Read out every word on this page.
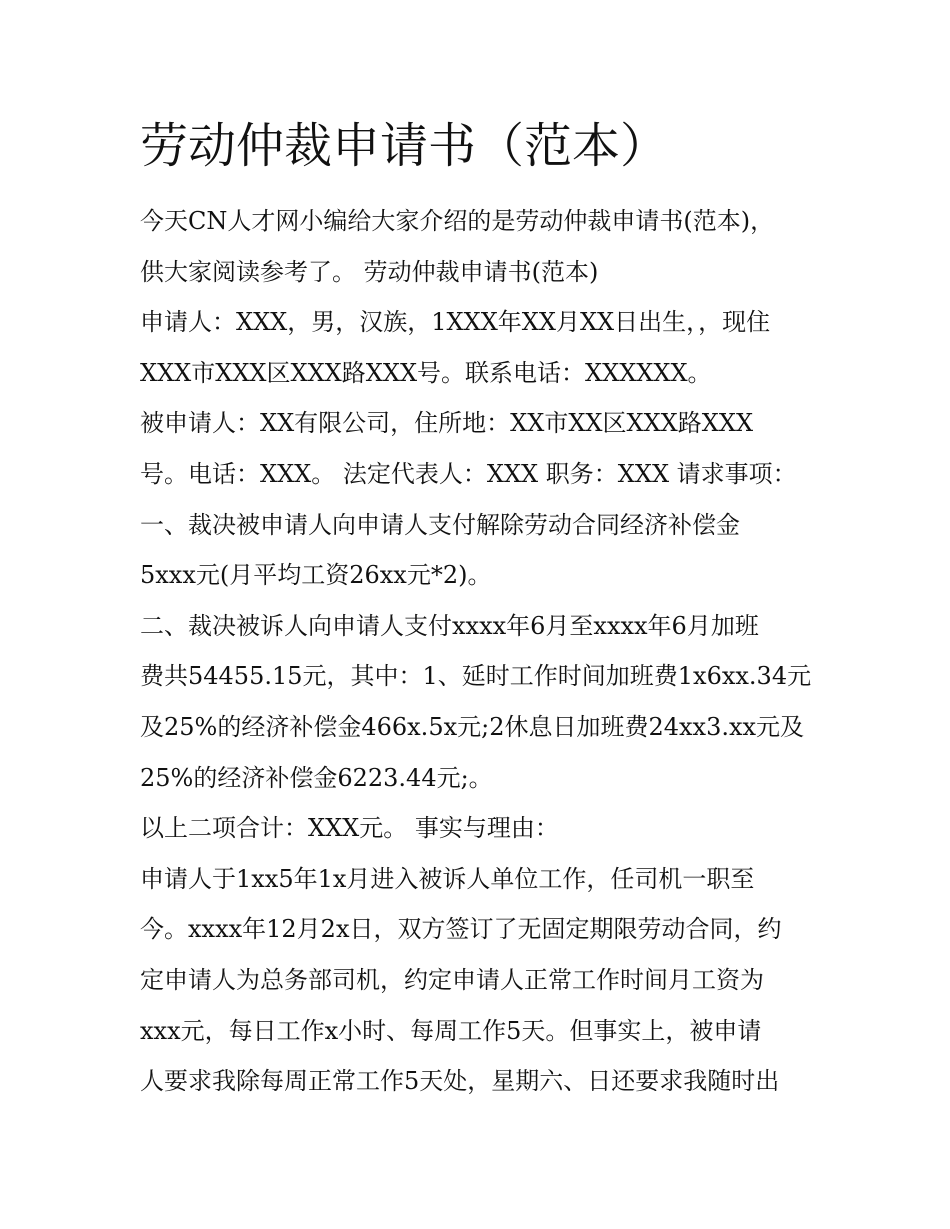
劳动仲裁申请书（范本）
今天CN人才网小编给大家介绍的是劳动仲裁申请书(范本)，
供大家阅读参考了。 劳动仲裁申请书(范本)
申请人：XXX，男，汉族，1XXX年XX月XX日出生，，现住
XXX市XXX区XXX路XXX号。联系电话：XXXXXX。
被申请人：XX有限公司，住所地：XX市XX区XXX路XXX
号。电话：XXX。 法定代表人：XXX 职务：XXX 请求事项：
一、裁决被申请人向申请人支付解除劳动合同经济补偿金
5xxx元(月平均工资26xx元*2)。
二、裁决被诉人向申请人支付xxxx年6月至xxxx年6月加班
费共54455.15元，其中：1、延时工作时间加班费1x6xx.34元
及25%的经济补偿金466x.5x元;2休息日加班费24xx3.xx元及
25%的经济补偿金6223.44元;。
以上二项合计：XXX元。 事实与理由：
申请人于1xx5年1x月进入被诉人单位工作，任司机一职至
今。xxxx年12月2x日，双方签订了无固定期限劳动合同，约
定申请人为总务部司机，约定申请人正常工作时间月工资为
xxx元，每日工作x小时、每周工作5天。但事实上，被申请
人要求我除每周正常工作5天处，星期六、日还要求我随时出
